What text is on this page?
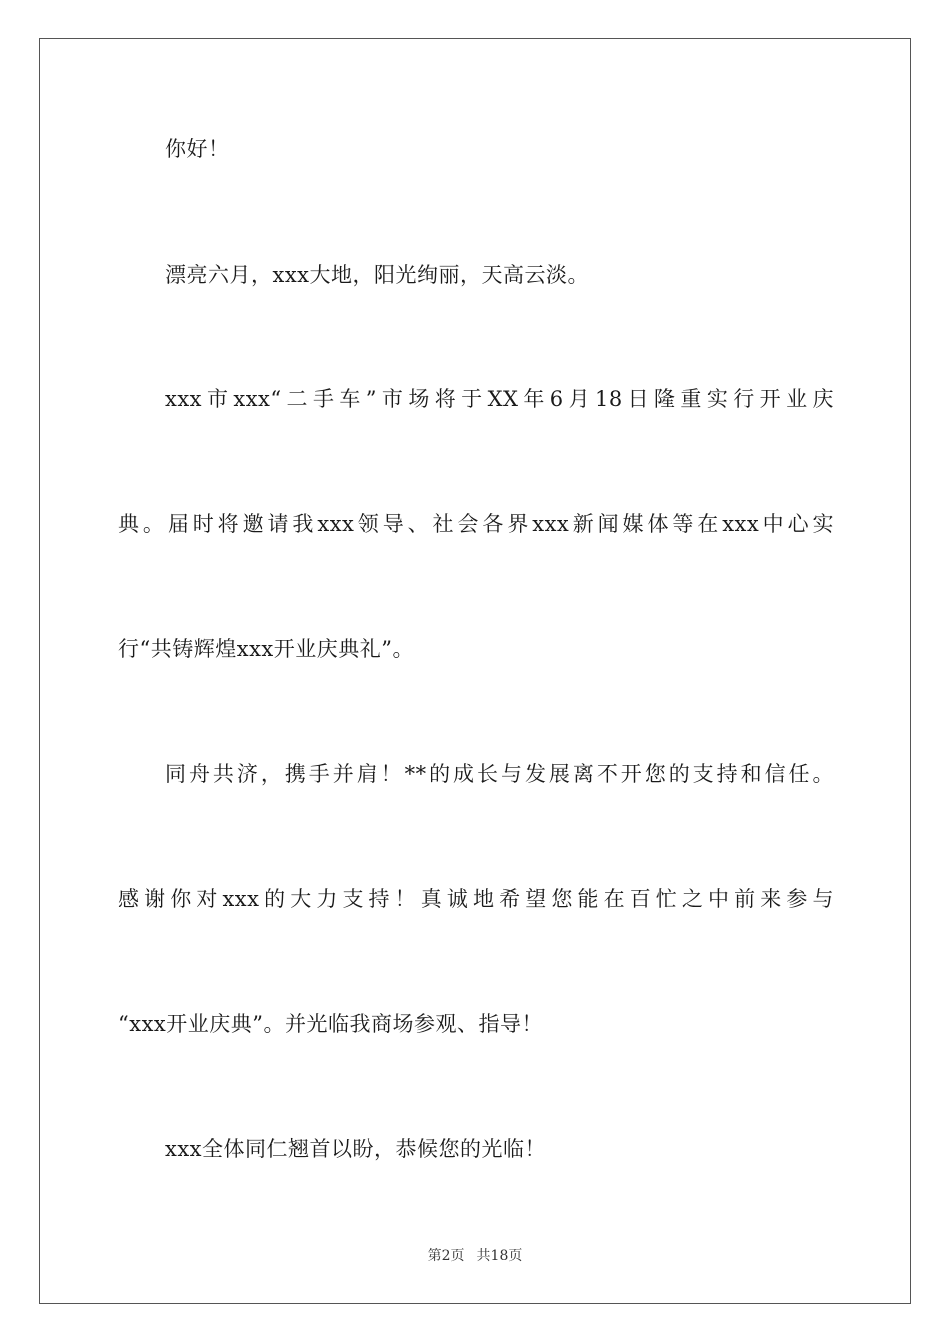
你好！
漂亮六月，xxx大地，阳光绚丽，天高云淡。
xxx市xxx“二手车”市场将于XX年6月18日隆重实行开业庆
典。届时将邀请我xxx领导、社会各界xxx新闻媒体等在xxx中心实
行“共铸辉煌xxx开业庆典礼”。
同舟共济，携手并肩！**的成长与发展离不开您的支持和信任。
感谢你对xxx的大力支持！真诚地希望您能在百忙之中前来参与
“xxx开业庆典”。并光临我商场参观、指导！
xxx全体同仁翘首以盼，恭候您的光临！
第2页 共18页
